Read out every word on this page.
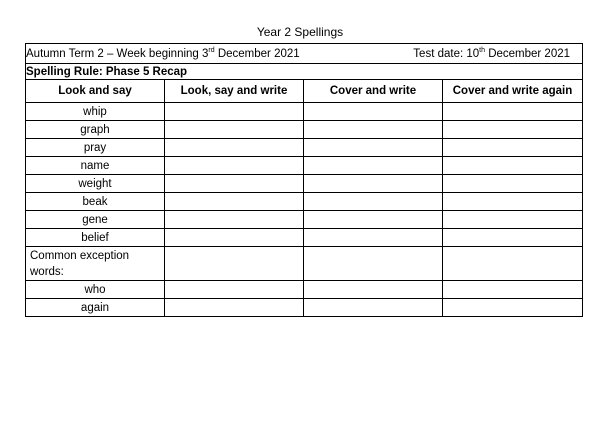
Year 2 Spellings
Autumn Term 2 – Week beginning 3rd December 2021 Test date: 10th December 2021			

Spelling Rule: Phase 5 Recap			
Look and say	Look, say and write	Cover and write	Cover and write again
whip			
graph			
pray			
name			
weight			
beak			
gene			
belief			
Common exception words:			
who			
again			
